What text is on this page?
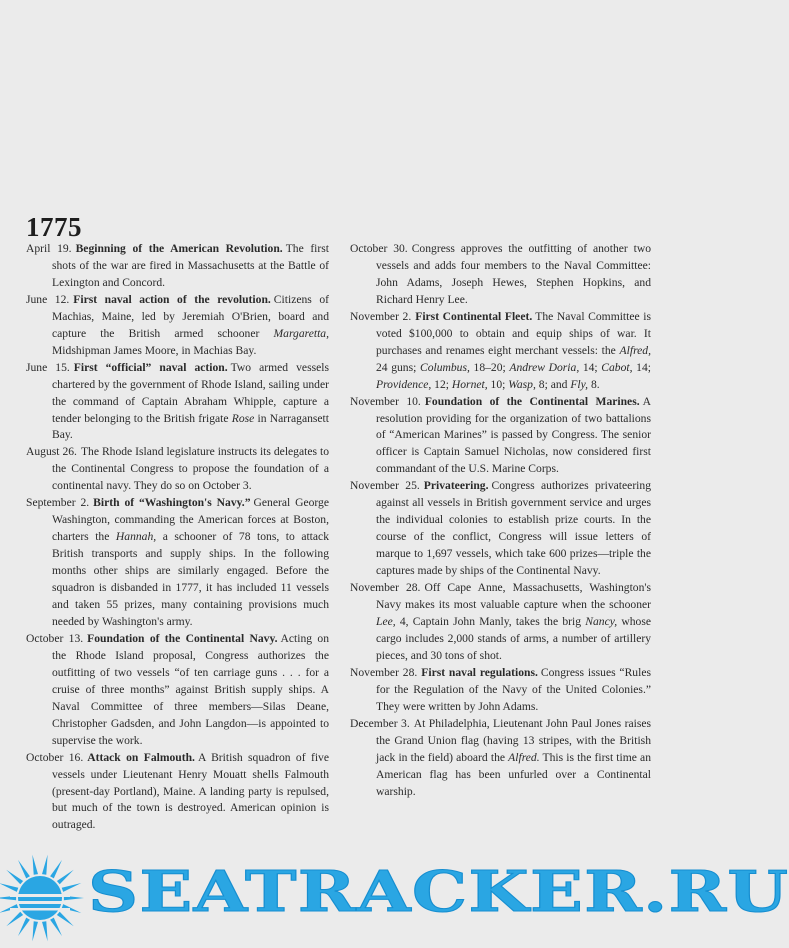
1775

April 19. Beginning of the American Revolution. The first shots of the war are fired in Massachusetts at the Battle of Lexington and Concord.

June 12. First naval action of the revolution. Citizens of Machias, Maine, led by Jeremiah O'Brien, board and capture the British armed schooner Margaretta, Midshipman James Moore, in Machias Bay.

June 15. First “official” naval action. Two armed vessels chartered by the government of Rhode Island, sailing under the command of Captain Abraham Whipple, capture a tender belonging to the British frigate Rose in Narragansett Bay.

August 26. The Rhode Island legislature instructs its delegates to the Continental Congress to propose the foundation of a continental navy. They do so on October 3.

September 2. Birth of “Washington's Navy.” General George Washington, commanding the American forces at Boston, charters the Hannah, a schooner of 78 tons, to attack British transports and supply ships. In the following months other ships are similarly engaged. Before the squadron is disbanded in 1777, it has included 11 vessels and taken 55 prizes, many containing provisions much needed by Washington's army.

October 13. Foundation of the Continental Navy. Acting on the Rhode Island proposal, Congress authorizes the outfitting of two vessels “of ten carriage guns . . . for a cruise of three months” against British supply ships. A Naval Committee of three members—Silas Deane, Christopher Gadsden, and John Langdon—is appointed to supervise the work.

October 16. Attack on Falmouth. A British squadron of five vessels under Lieutenant Henry Mouatt shells Falmouth (present-day Portland), Maine. A landing party is repulsed, but much of the town is destroyed. American opinion is outraged.

October 30. Congress approves the outfitting of another two vessels and adds four members to the Naval Committee: John Adams, Joseph Hewes, Stephen Hopkins, and Richard Henry Lee.

November 2. First Continental Fleet. The Naval Committee is voted $100,000 to obtain and equip ships of war. It purchases and renames eight merchant vessels: the Alfred, 24 guns; Columbus, 18–20; Andrew Doria, 14; Cabot, 14; Providence, 12; Hornet, 10; Wasp, 8; and Fly, 8.

November 10. Foundation of the Continental Marines. A resolution providing for the organization of two battalions of “American Marines” is passed by Congress. The senior officer is Captain Samuel Nicholas, now considered first commandant of the U.S. Marine Corps.

November 25. Privateering. Congress authorizes privateering against all vessels in British government service and urges the individual colonies to establish prize courts. In the course of the conflict, Congress will issue letters of marque to 1,697 vessels, which take 600 prizes—triple the captures made by ships of the Continental Navy.

November 28. Off Cape Anne, Massachusetts, Washington's Navy makes its most valuable capture when the schooner Lee, 4, Captain John Manly, takes the brig Nancy, whose cargo includes 2,000 stands of arms, a number of artillery pieces, and 30 tons of shot.

November 28. First naval regulations. Congress issues “Rules for the Regulation of the Navy of the United Colonies.” They were written by John Adams.

December 3. At Philadelphia, Lieutenant John Paul Jones raises the Grand Union flag (having 13 stripes, with the British jack in the field) aboard the Alfred. This is the first time an American flag has been unfurled over a Continental warship.

SEATRACKER.RU
